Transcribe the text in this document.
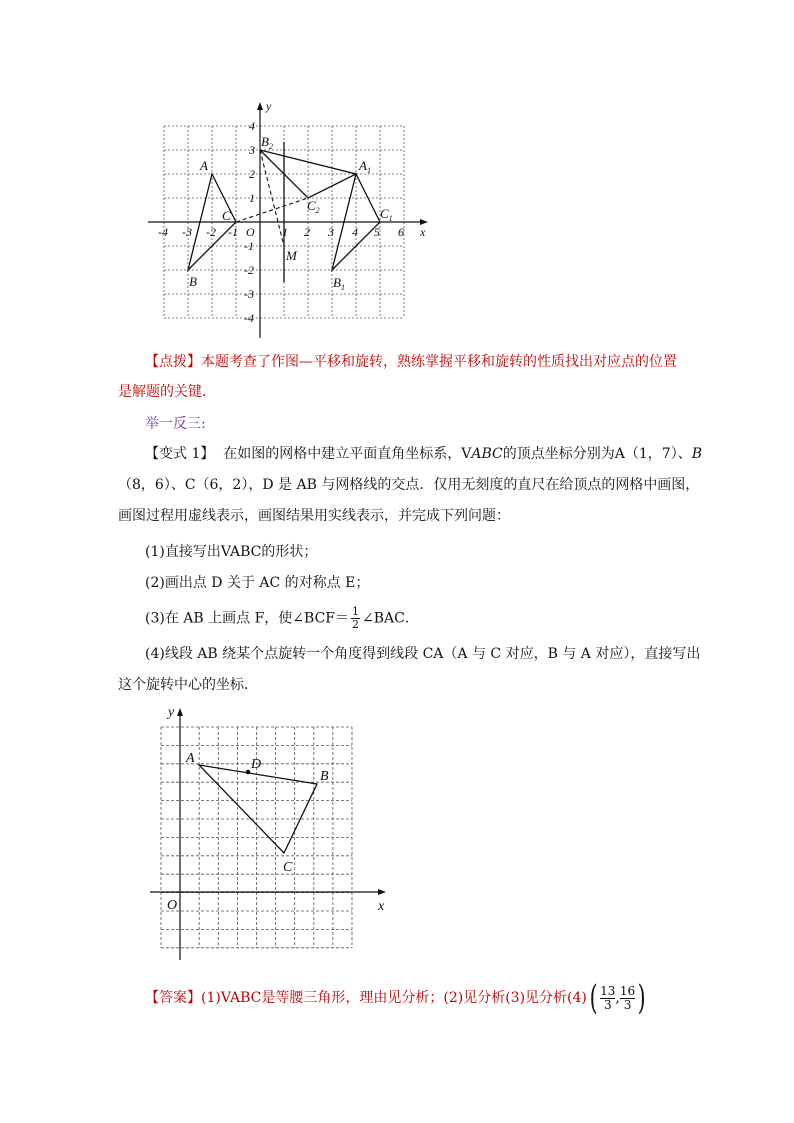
-4 -3 -2 -1	1 2 3 4 5 6
4
3
2
1
-1
-2
-3
-4
O	x
y
A
B
C
$A_1$
$B_1$
$C_1$
$B_2$
$C_2$
M
【点拨】本题考查了作图—平移和旋转，熟练掌握平移和旋转的性质找出对应点的位置
是解题的关键．
举一反三:
【变式 1】 在如图的网格中建立平面直角坐标系，VABC的顶点坐标分别为A（1，7）、B
（8，6）、C（6，2），D 是 AB 与网格线的交点．仅用无刻度的直尺在给顶点的网格中画图，
画图过程用虚线表示，画图结果用实线表示，并完成下列问题：
(1)直接写出VABC的形状；
(2)画出点 D 关于 AC 的对称点 E；
(3)在 AB 上画点 F，使∠BCF＝ $\frac{1}{2}$ ∠BAC．
(4)线段 AB 绕某个点旋转一个角度得到线段 CA（A 与 C 对应，B 与 A 对应），直接写出
这个旋转中心的坐标．
O	x
y
A	D
B
C
【答案】(1)VABC是等腰三角形，理由见分析；(2)见分析(3)见分析$(4)( \frac{13}{3}$ , $\frac{16}{3}$ )
